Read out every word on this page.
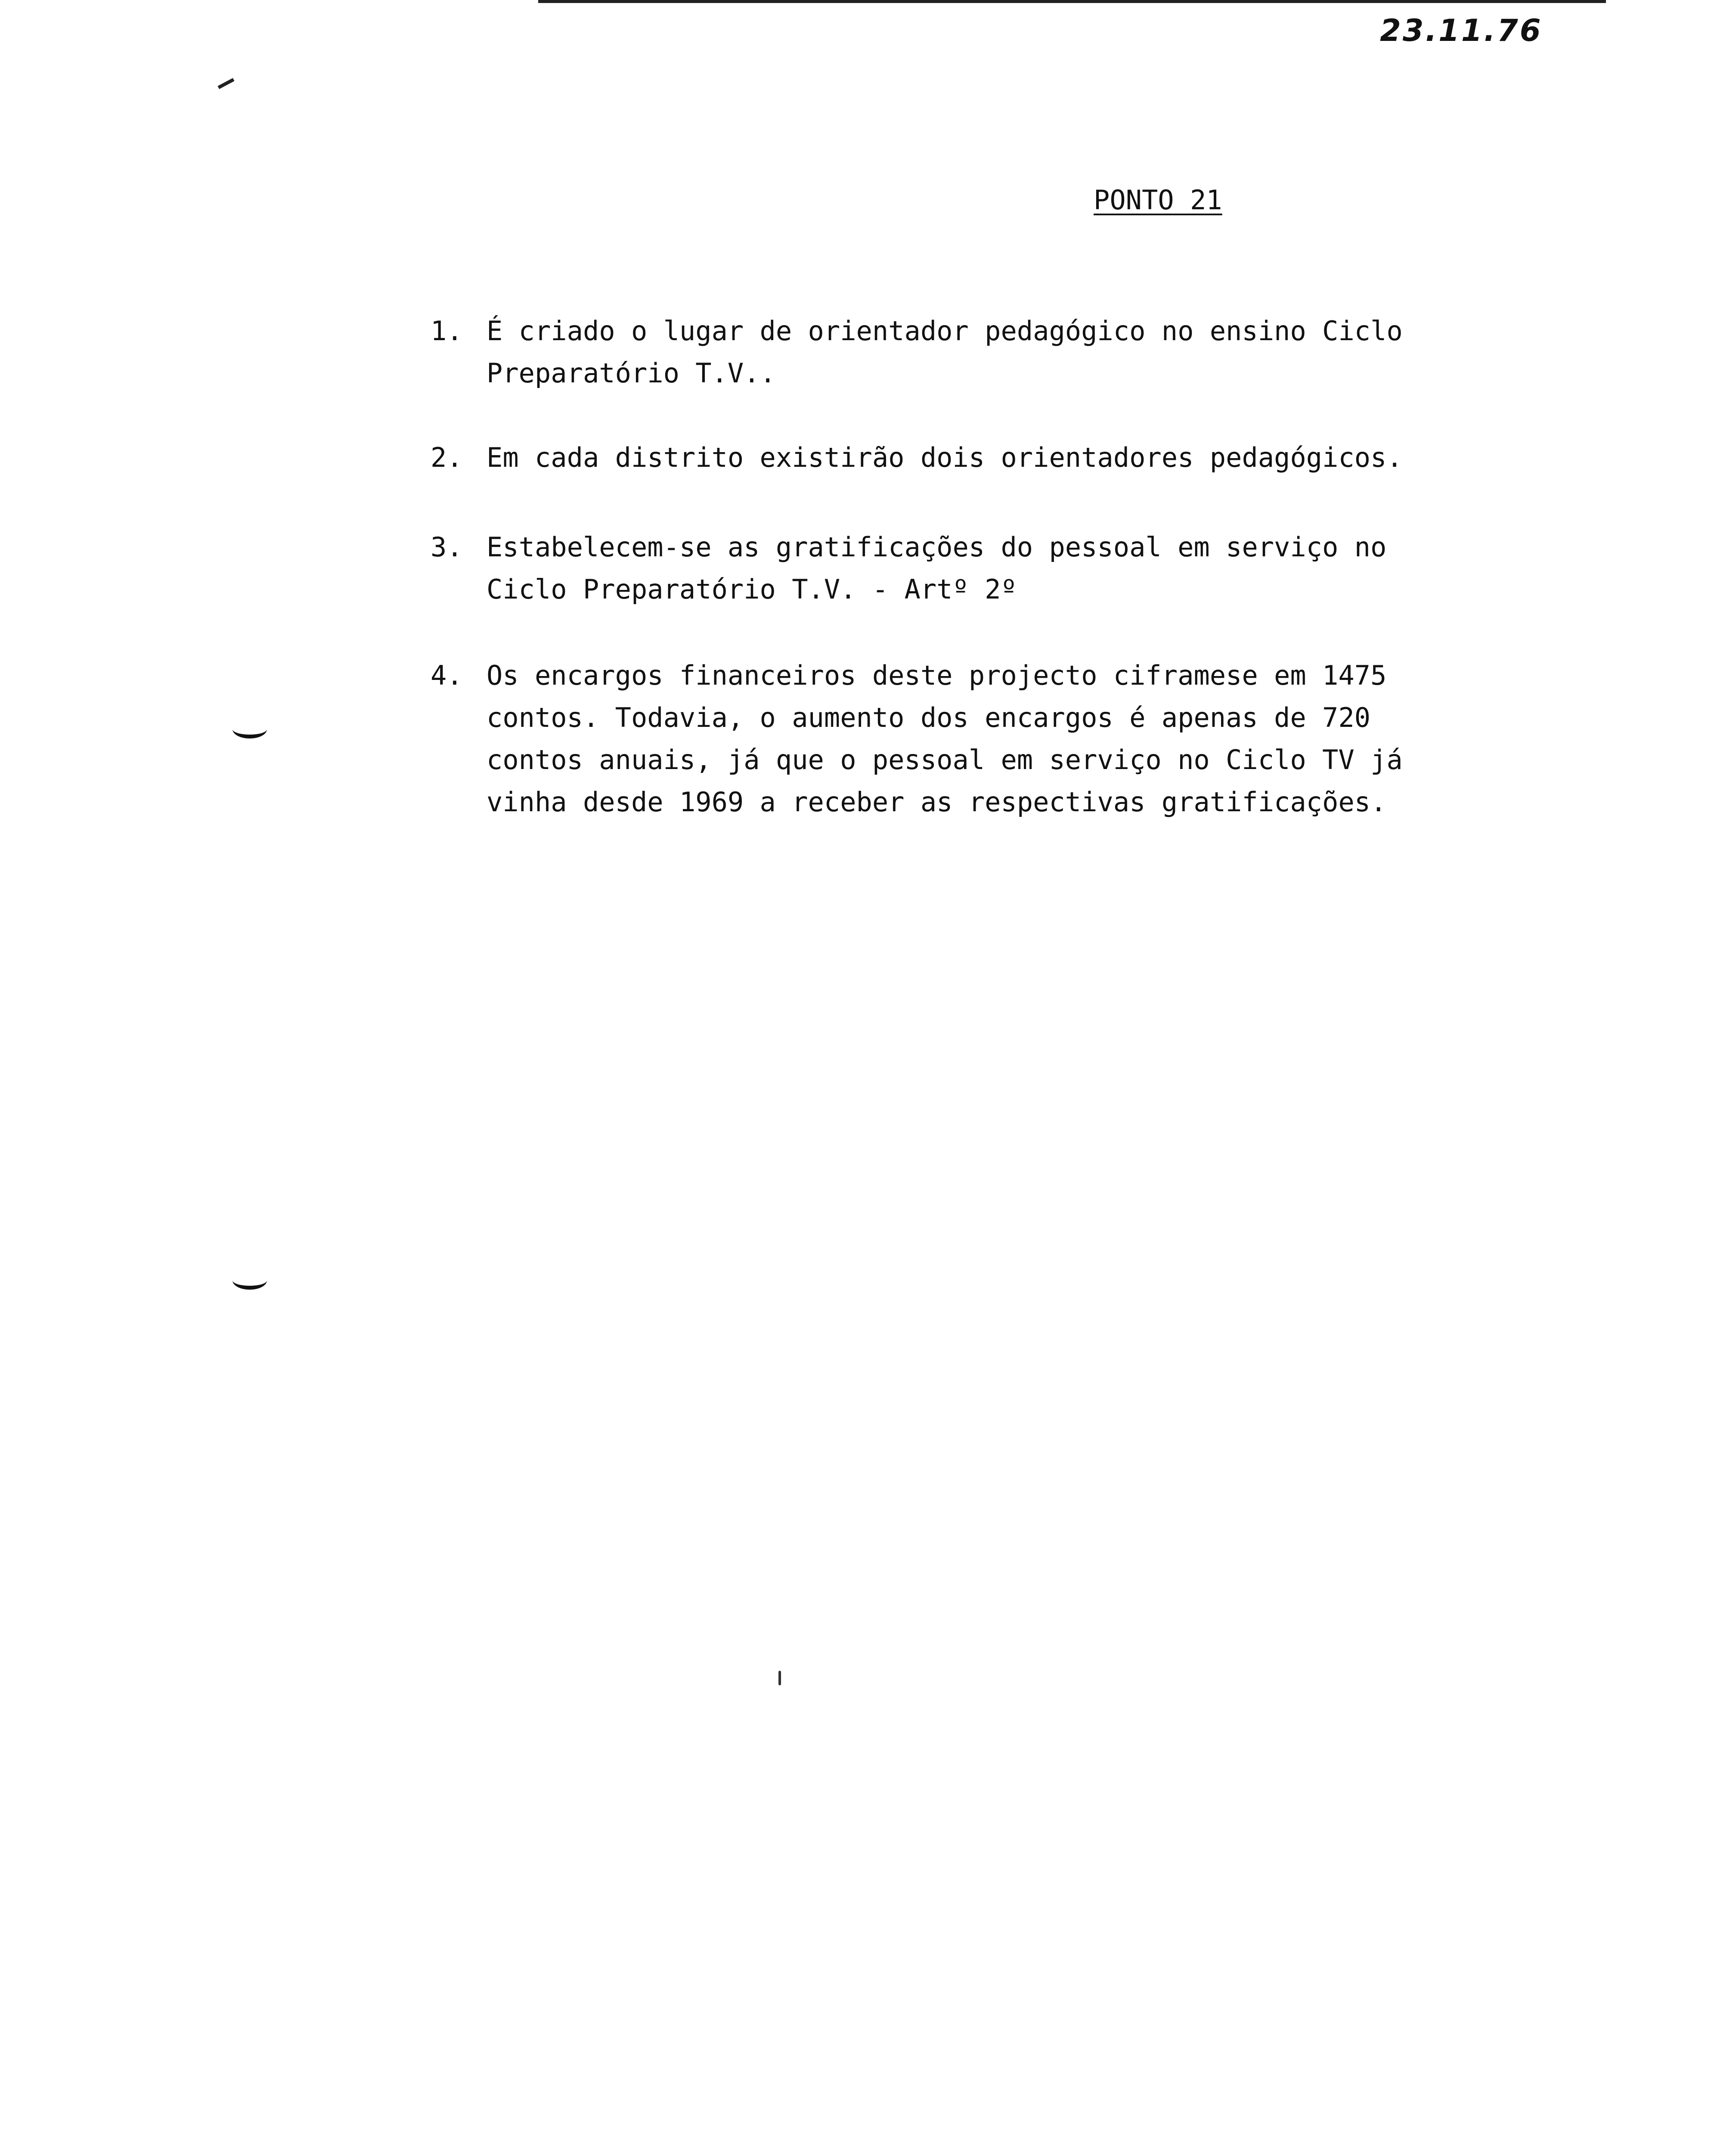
23.11.76
PONTO 21
1. É criado o lugar de orientador pedagógico no ensino Ciclo
Preparatório T.V..
2. Em cada distrito existirão dois orientadores pedagógicos.
3. Estabelecem-se as gratificações do pessoal em serviço no
Ciclo Preparatório T.V. - Artº 2º
4. Os encargos financeiros deste projecto ciframese em 1475
contos. Todavia, o aumento dos encargos é apenas de 720
contos anuais, já que o pessoal em serviço no Ciclo TV já
vinha desde 1969 a receber as respectivas gratificações.
